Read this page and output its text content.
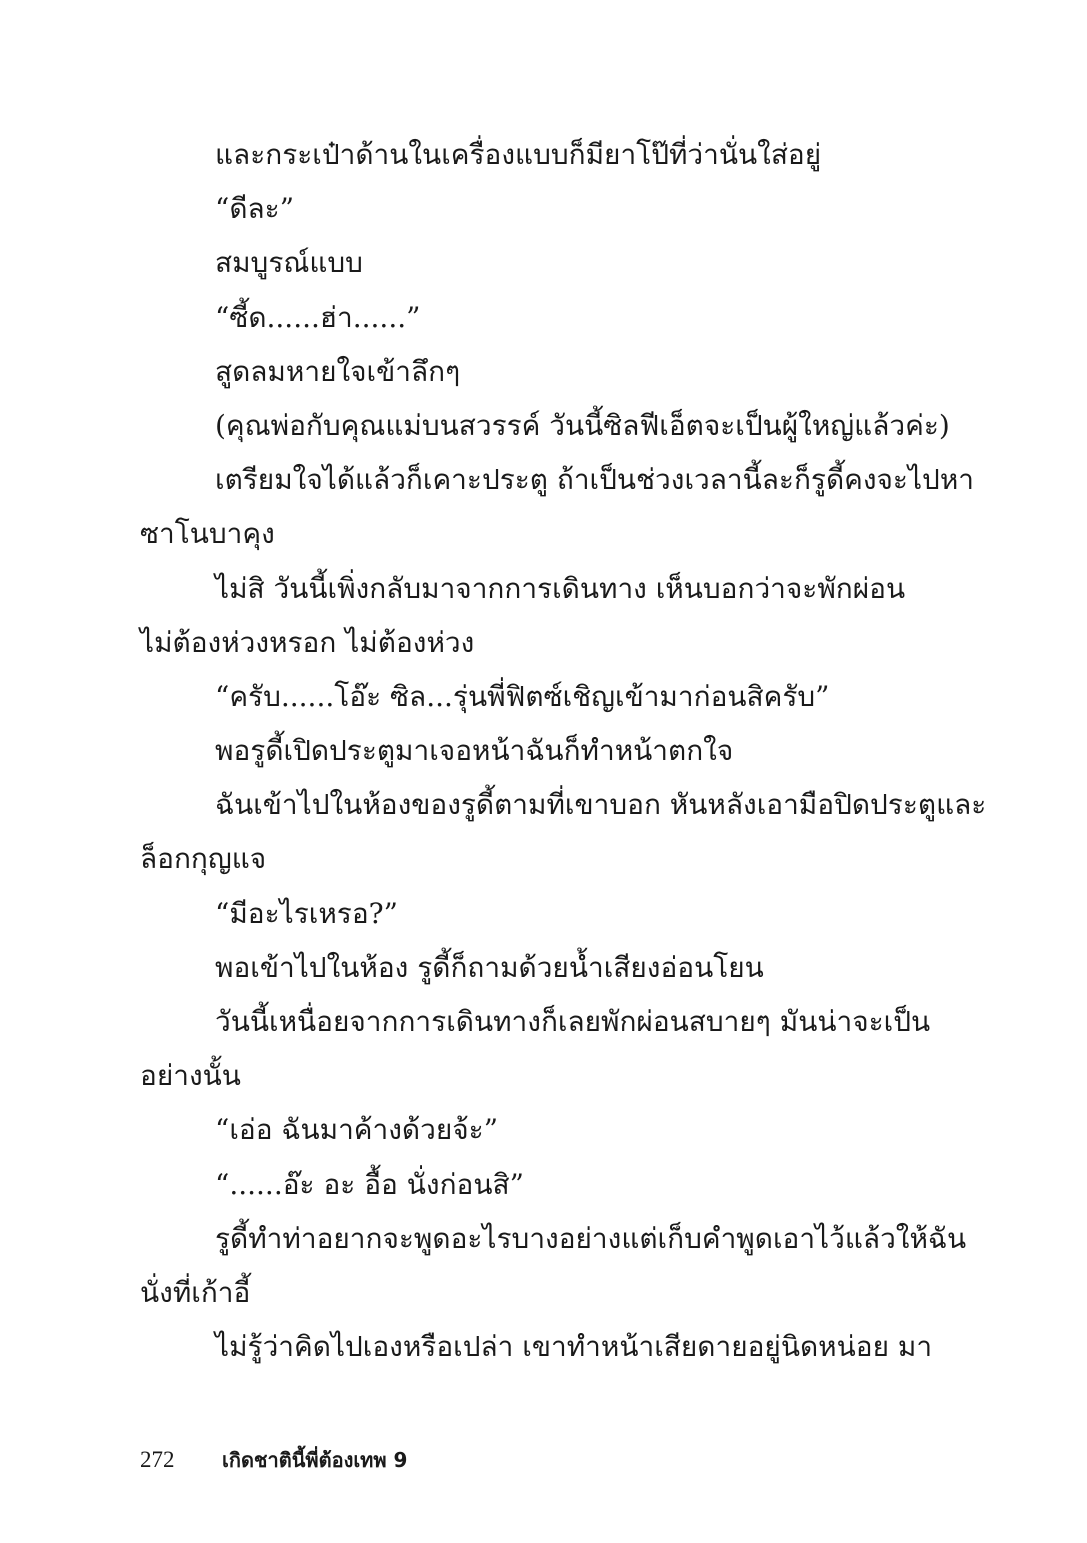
และกระเป๋าด้านในเครื่องแบบก็มียาโป๊ที่ว่านั่นใส่อยู่
“ดีละ”
สมบูรณ์แบบ
“ซี้ด......ฮ่า......”
สูดลมหายใจเข้าลึกๆ
(คุณพ่อกับคุณแม่บนสวรรค์ วันนี้ซิลฟีเอ็ตจะเป็นผู้ใหญ่แล้วค่ะ)
เตรียมใจได้แล้วก็เคาะประตู ถ้าเป็นช่วงเวลานี้ละก็รูดี้คงจะไปหา
ซาโนบาคุง
ไม่สิ วันนี้เพิ่งกลับมาจากการเดินทาง เห็นบอกว่าจะพักผ่อน
ไม่ต้องห่วงหรอก ไม่ต้องห่วง
“ครับ......โอ๊ะ ซิล...รุ่นพี่ฟิตซ์เชิญเข้ามาก่อนสิครับ”
พอรูดี้เปิดประตูมาเจอหน้าฉันก็ทำหน้าตกใจ
ฉันเข้าไปในห้องของรูดี้ตามที่เขาบอก หันหลังเอามือปิดประตูและ
ล็อกกุญแจ
“มีอะไรเหรอ?”
พอเข้าไปในห้อง รูดี้ก็ถามด้วยน้ำเสียงอ่อนโยน
วันนี้เหนื่อยจากการเดินทางก็เลยพักผ่อนสบายๆ มันน่าจะเป็น
อย่างนั้น
“เอ่อ ฉันมาค้างด้วยจ้ะ”
“......อ๊ะ อะ อื้อ นั่งก่อนสิ”
รูดี้ทำท่าอยากจะพูดอะไรบางอย่างแต่เก็บคำพูดเอาไว้แล้วให้ฉัน
นั่งที่เก้าอี้
ไม่รู้ว่าคิดไปเองหรือเปล่า เขาทำหน้าเสียดายอยู่นิดหน่อย มา
272 เกิดชาตินี้พี่ต้องเทพ 9
